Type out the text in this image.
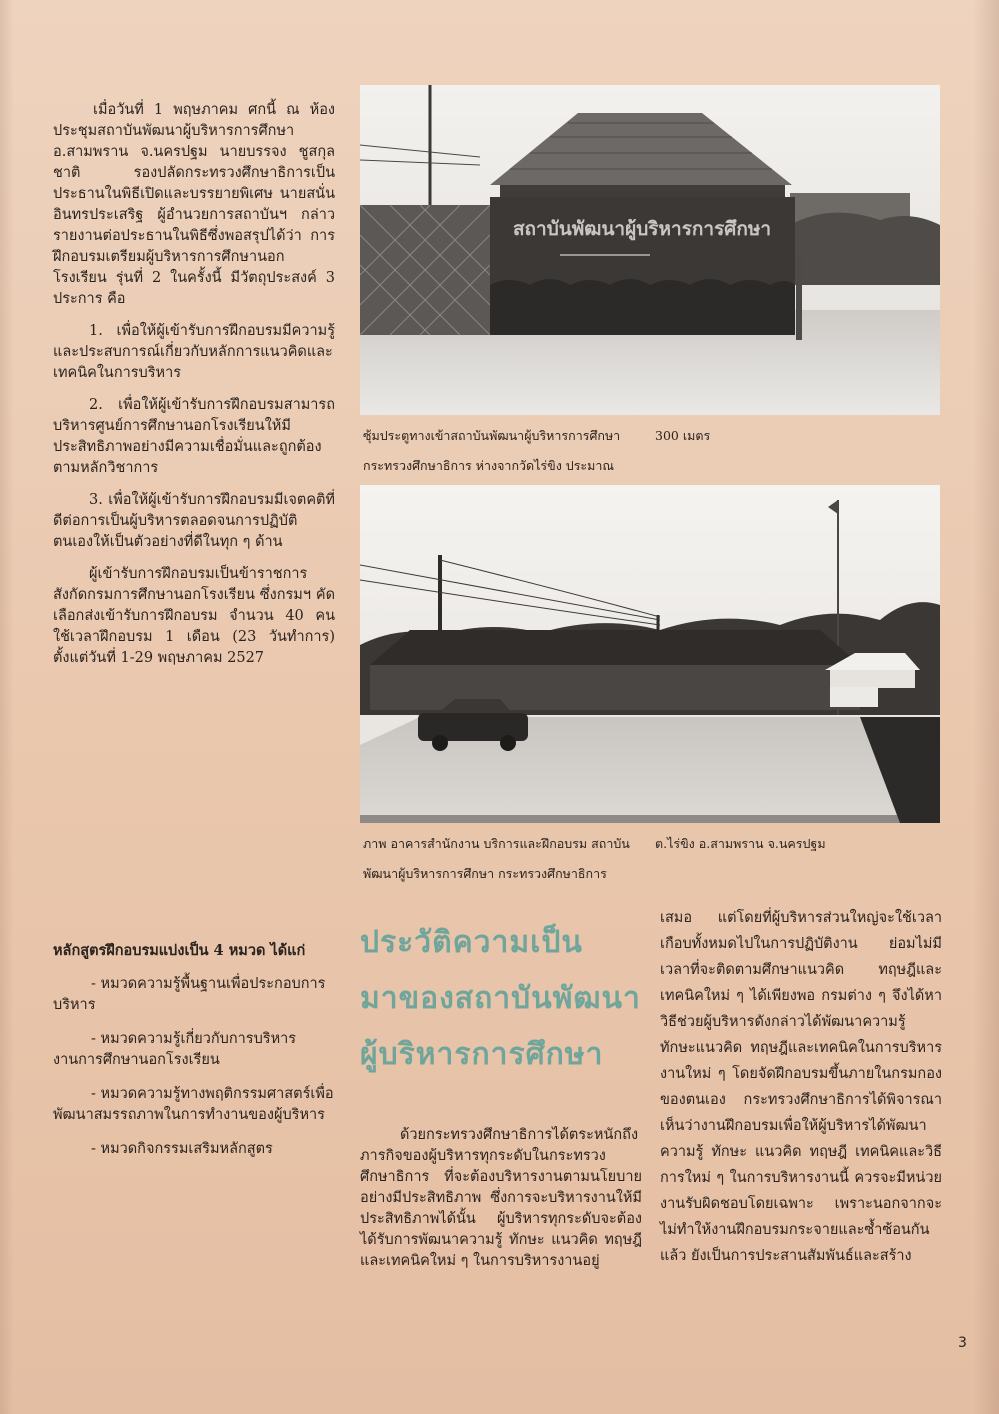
เมื่อวันที่ 1 พฤษภาคม ศกนี้ ณ ห้องประชุมสถาบันพัฒนาผู้บริหารการศึกษา อ.สามพราน จ.นครปฐม นายบรรจง ชูสกุลชาติ รองปลัดกระทรวงศึกษาธิการเป็นประธานในพิธีเปิดและบรรยายพิเศษ นายสนั่น อินทรประเสริฐ ผู้อำนวยการสถาบันฯ กล่าวรายงานต่อประธานในพิธีซึ่งพอสรุปได้ว่า การฝึกอบรมเตรียมผู้บริหารการศึกษานอกโรงเรียน รุ่นที่ 2 ในครั้งนี้ มีวัตถุประสงค์ 3 ประการ คือ

1. เพื่อให้ผู้เข้ารับการฝึกอบรมมีความรู้และประสบการณ์เกี่ยวกับหลักการแนวคิดและเทคนิคในการบริหาร

2. เพื่อให้ผู้เข้ารับการฝึกอบรมสามารถบริหารศูนย์การศึกษานอกโรงเรียนให้มีประสิทธิภาพอย่างมีความเชื่อมั่นและถูกต้องตามหลักวิชาการ

3. เพื่อให้ผู้เข้ารับการฝึกอบรมมีเจตคติที่ดีต่อการเป็นผู้บริหารตลอดจนการปฏิบัติตนเองให้เป็นตัวอย่างที่ดีในทุก ๆ ด้าน

ผู้เข้ารับการฝึกอบรมเป็นข้าราชการสังกัดกรมการศึกษานอกโรงเรียน ซึ่งกรมฯ คัดเลือกส่งเข้ารับการฝึกอบรม จำนวน 40 คน ใช้เวลาฝึกอบรม 1 เดือน (23 วันทำการ) ตั้งแต่วันที่ 1-29 พฤษภาคม 2527

หลักสูตรฝึกอบรมแบ่งเป็น 4 หมวด ได้แก่

- หมวดความรู้พื้นฐานเพื่อประกอบการบริหาร

- หมวดความรู้เกี่ยวกับการบริหารงานการศึกษานอกโรงเรียน

- หมวดความรู้ทางพฤติกรรมศาสตร์เพื่อพัฒนาสมรรถภาพในการทำงานของผู้บริหาร

- หมวดกิจกรรมเสริมหลักสูตร

สถาบันพัฒนาผู้บริหารการศึกษา
ซุ้มประตูทางเข้าสถาบันพัฒนาผู้บริหารการศึกษา	300 เมตร
กระทรวงศึกษาธิการ ห่างจากวัดไร่ขิง ประมาณ
ภาพ อาคารสำนักงาน บริการและฝึกอบรม สถาบัน ต.ไร่ขิง อ.สามพราน จ.นครปฐม
พัฒนาผู้บริหารการศึกษา กระทรวงศึกษาธิการ
ประวัติความเป็น
มาของสถาบันพัฒนา
ผู้บริหารการศึกษา

ด้วยกระทรวงศึกษาธิการได้ตระหนักถึงภารกิจของผู้บริหารทุกระดับในกระทรวงศึกษาธิการ ที่จะต้องบริหารงานตามนโยบายอย่างมีประสิทธิภาพ ซึ่งการจะบริหารงานให้มีประสิทธิภาพได้นั้น ผู้บริหารทุกระดับจะต้องได้รับการพัฒนาความรู้ ทักษะ แนวคิด ทฤษฎีและเทคนิคใหม่ ๆ ในการบริหารงานอยู่

เสมอ แต่โดยที่ผู้บริหารส่วนใหญ่จะใช้เวลาเกือบทั้งหมดไปในการปฏิบัติงาน ย่อมไม่มีเวลาที่จะติดตามศึกษาแนวคิด ทฤษฎีและเทคนิคใหม่ ๆ ได้เพียงพอ กรมต่าง ๆ จึงได้หาวิธีช่วยผู้บริหารดังกล่าวได้พัฒนาความรู้ ทักษะแนวคิด ทฤษฎีและเทคนิคในการบริหารงานใหม่ ๆ โดยจัดฝึกอบรมขึ้นภายในกรมกองของตนเอง กระทรวงศึกษาธิการได้พิจารณาเห็นว่างานฝึกอบรมเพื่อให้ผู้บริหารได้พัฒนาความรู้ ทักษะ แนวคิด ทฤษฎี เทคนิคและวิธีการใหม่ ๆ ในการบริหารงานนี้ ควรจะมีหน่วยงานรับผิดชอบโดยเฉพาะ เพราะนอกจากจะไม่ทำให้งานฝึกอบรมกระจายและซ้ำซ้อนกันแล้ว ยังเป็นการประสานสัมพันธ์และสร้าง

3
